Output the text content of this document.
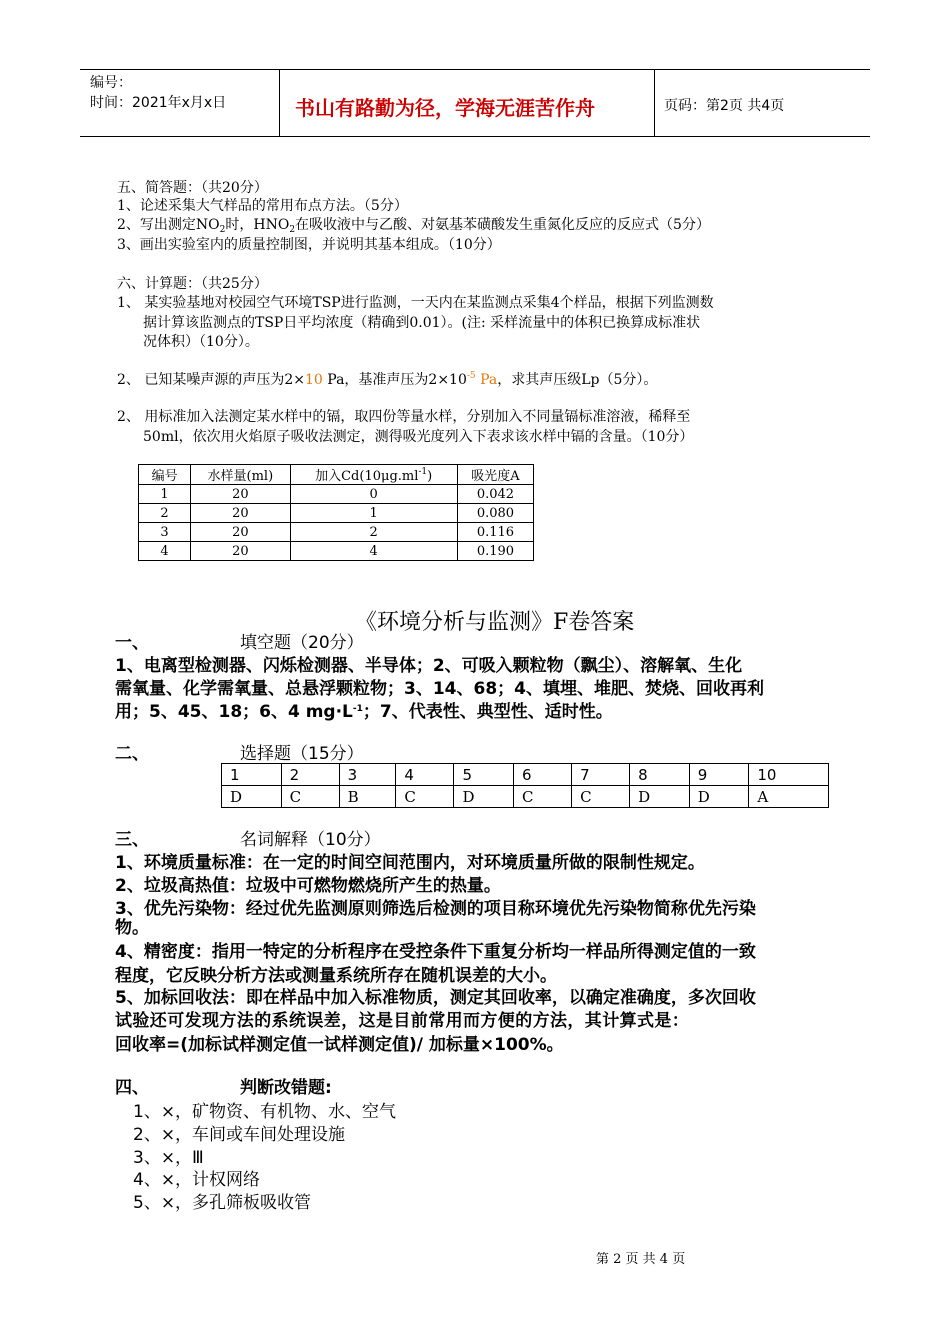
编号：
时间：2021年x月x日	书山有路勤为径，学海无涯苦作舟	页码：第2页 共4页
五、简答题：（共20分）
1、论述采集大气样品的常用布点方法。（5分）
2、写出测定$NO_2$时，$HNO_2$在吸收液中与乙酸、对氨基苯磺酸发生重氮化反应的反应式（5分）
3、画出实验室内的质量控制图，并说明其基本组成。（10分）
六、计算题：（共25分）
1、 某实验基地对校园空气环境TSP进行监测，一天内在某监测点采集4个样品，根据下列监测数
据计算该监测点的TSP日平均浓度（精确到0.01）。(注: 采样流量中的体积已换算成标准状
况体积）（10分）。
2、 已知某噪声源的声压为2×10 Pa，基准声压为$2\times 10^{-5}$ Pa，求其声压级Lp（5分）。
2、 用标准加入法测定某水样中的镉，取四份等量水样，分别加入不同量镉标准溶液，稀释至
50ml，依次用火焰原子吸收法测定，测得吸光度列入下表求该水样中镉的含量。（10分）
编号	水样量(ml)	加入$Cd(10\mu g.ml^{-1})$	吸光度A
1	20	0	0.042
2	20	1	0.080
3	20	2	0.116
4	20	4	0.190
《环境分析与监测》F卷答案
一、	填空题（20分）
1、电离型检测器、闪烁检测器、半导体；2、可吸入颗粒物（飘尘）、溶解氧、生化
需氧量、化学需氧量、总悬浮颗粒物；3、14、68；4、填埋、堆肥、焚烧、回收再利
用；5、45、18；6、4 $mg\cdot L^{-1}$；7、代表性、典型性、适时性。
二、	选择题（15分）
1	2	3	4	5	6	7	8	9	10
D	C	B	C	D	C	C	D	D	A
三、	名词解释（10分）
1、环境质量标准：在一定的时间空间范围内，对环境质量所做的限制性规定。
2、垃圾高热值：垃圾中可燃物燃烧所产生的热量。
3、优先污染物：经过优先监测原则筛选后检测的项目称环境优先污染物简称优先污染
物。
4、精密度：指用一特定的分析程序在受控条件下重复分析均一样品所得测定值的一致
程度，它反映分析方法或测量系统所存在随机误差的大小。
5、加标回收法：即在样品中加入标准物质，测定其回收率，以确定准确度，多次回收
试验还可发现方法的系统误差，这是目前常用而方便的方法，其计算式是：
回收率=(加标试样测定值一试样测定值)/ 加标量×100%。
四、	判断改错题:
1、×，矿物资、有机物、水、空气
2、×，车间或车间处理设施
3、×，Ⅲ
4、×，计权网络
5、×，多孔筛板吸收管
第 2 页 共 4 页
